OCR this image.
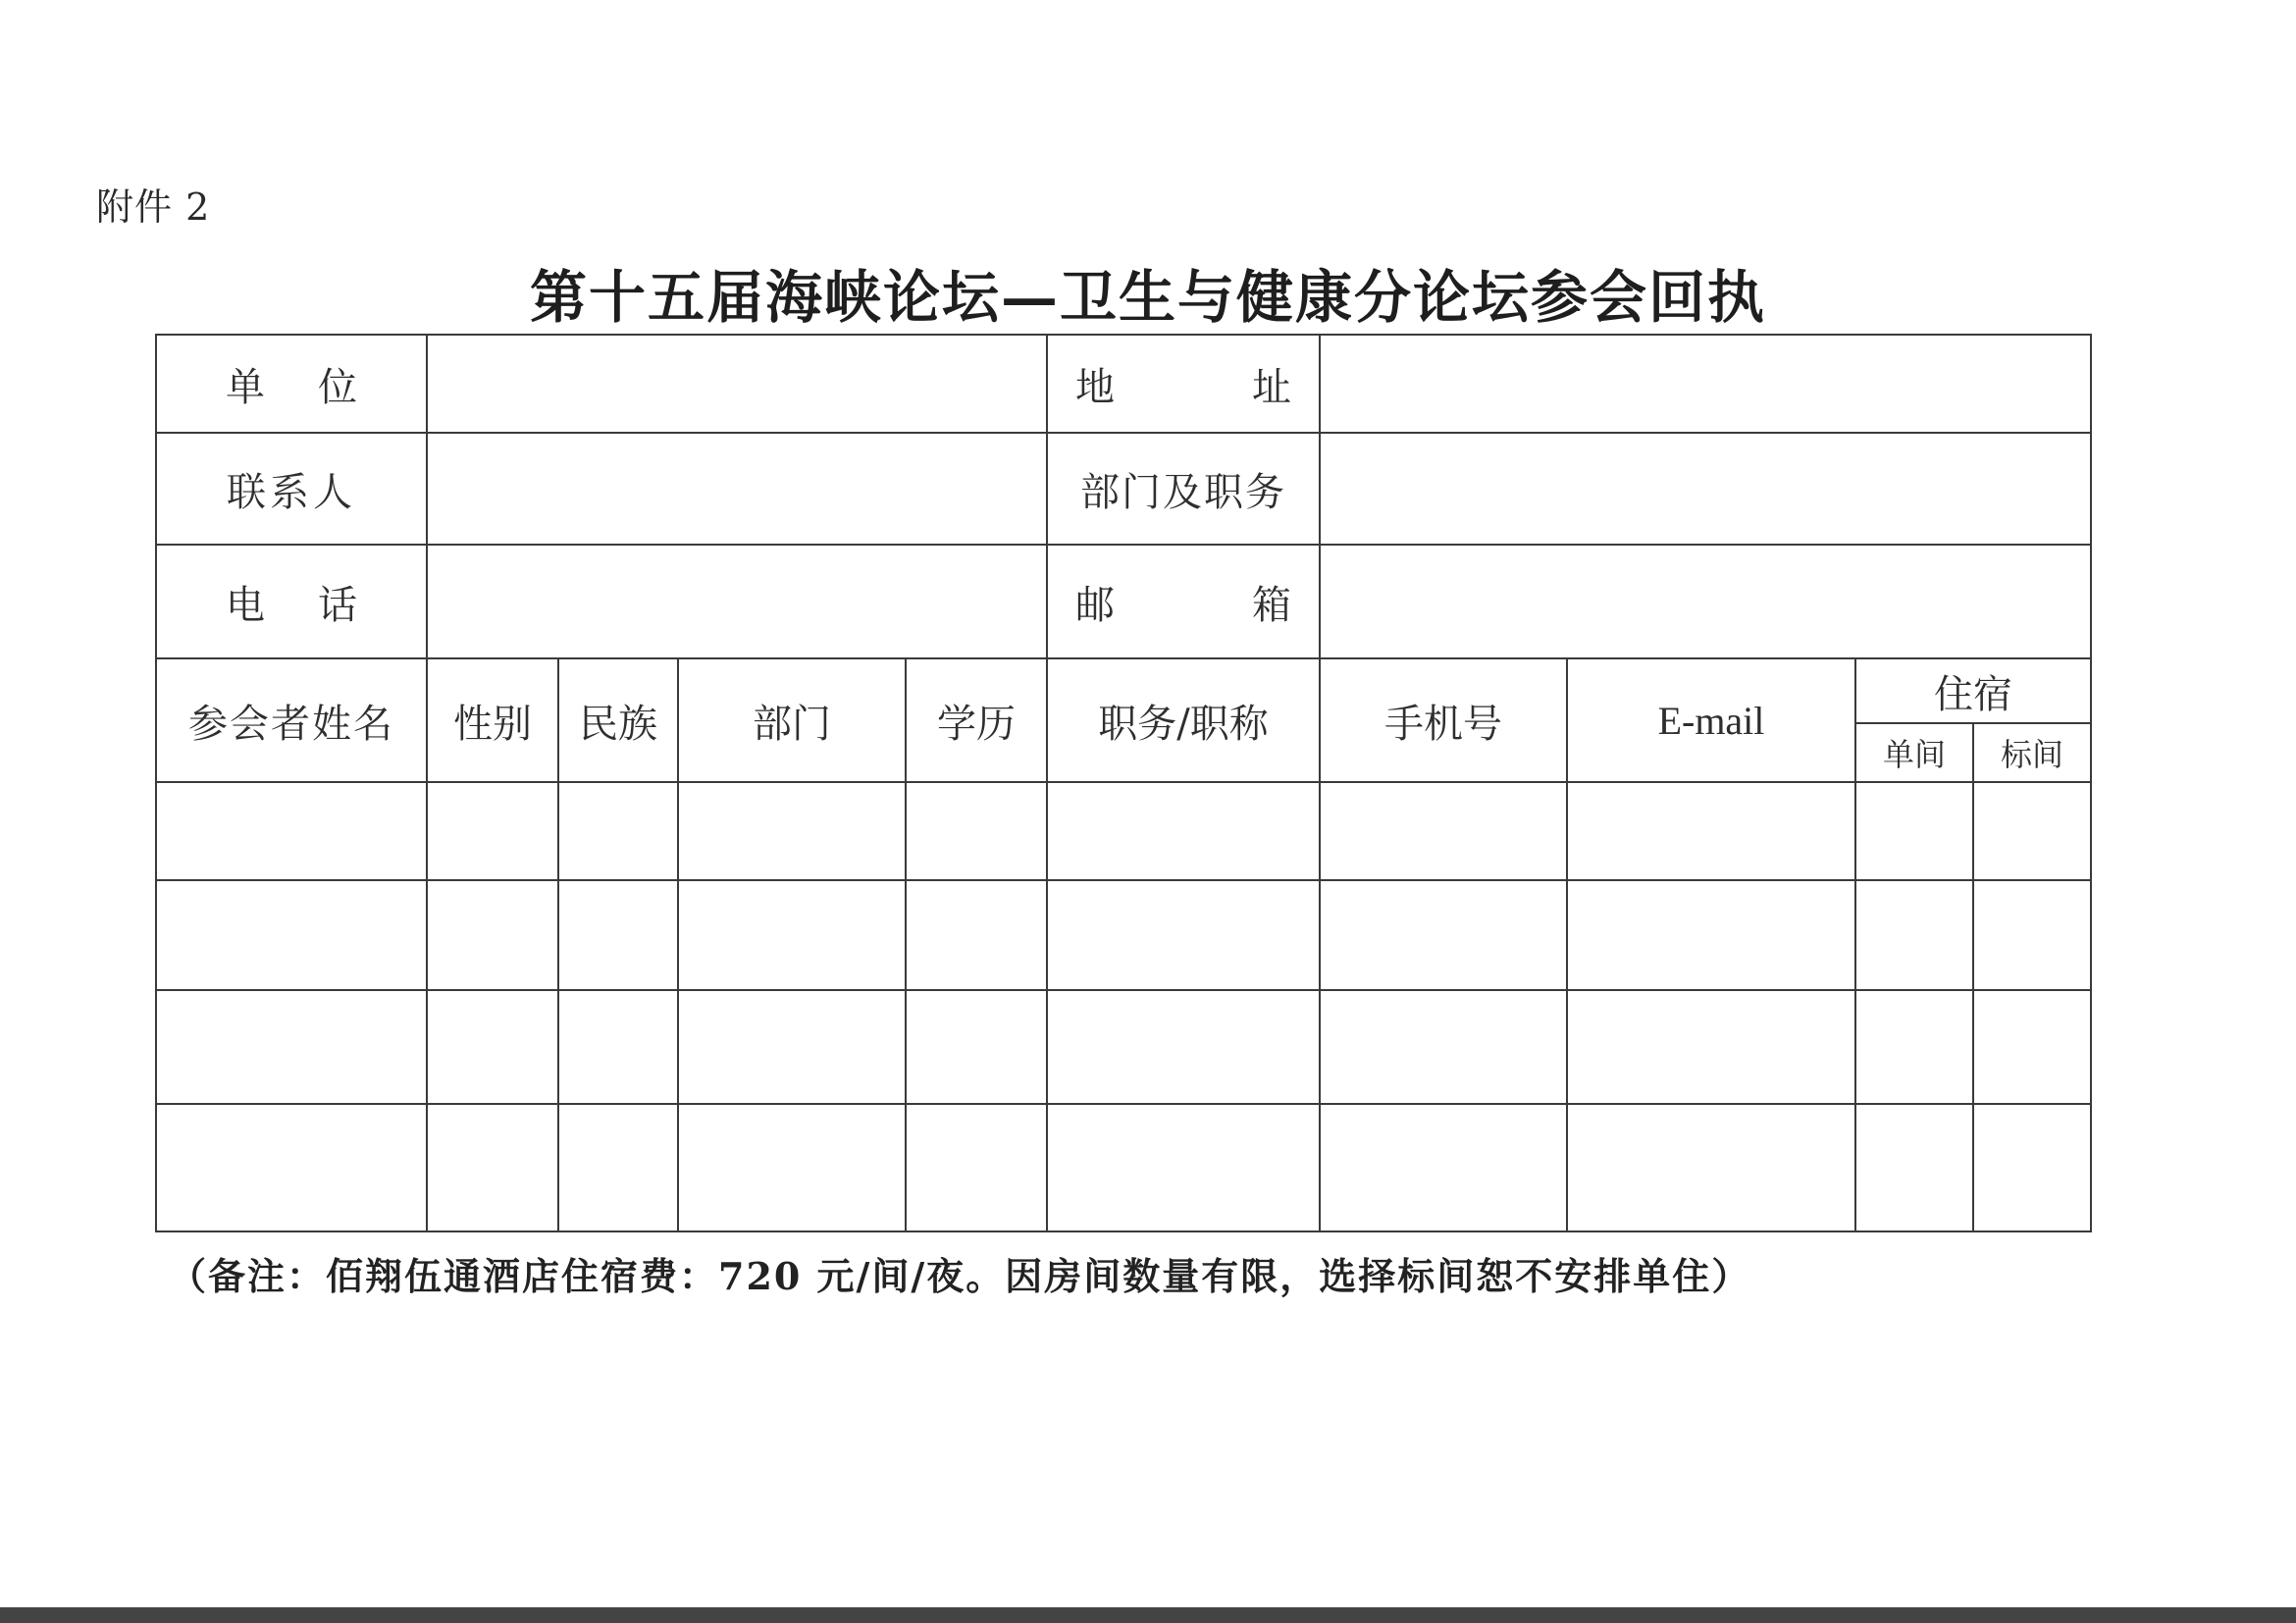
附件 2
第十五届海峡论坛—卫生与健康分论坛参会回执
单 位					地 址				

联系人					部门及职务				

电 话					邮 箱				

参会者姓名	性别	民族	部门	学历	职务/职称	手机号	E-mail	住宿	
								单间	标间

（备注：佰翔伍通酒店住宿费：720 元/间/夜。因房间数量有限，选择标间恕不安排单住）
